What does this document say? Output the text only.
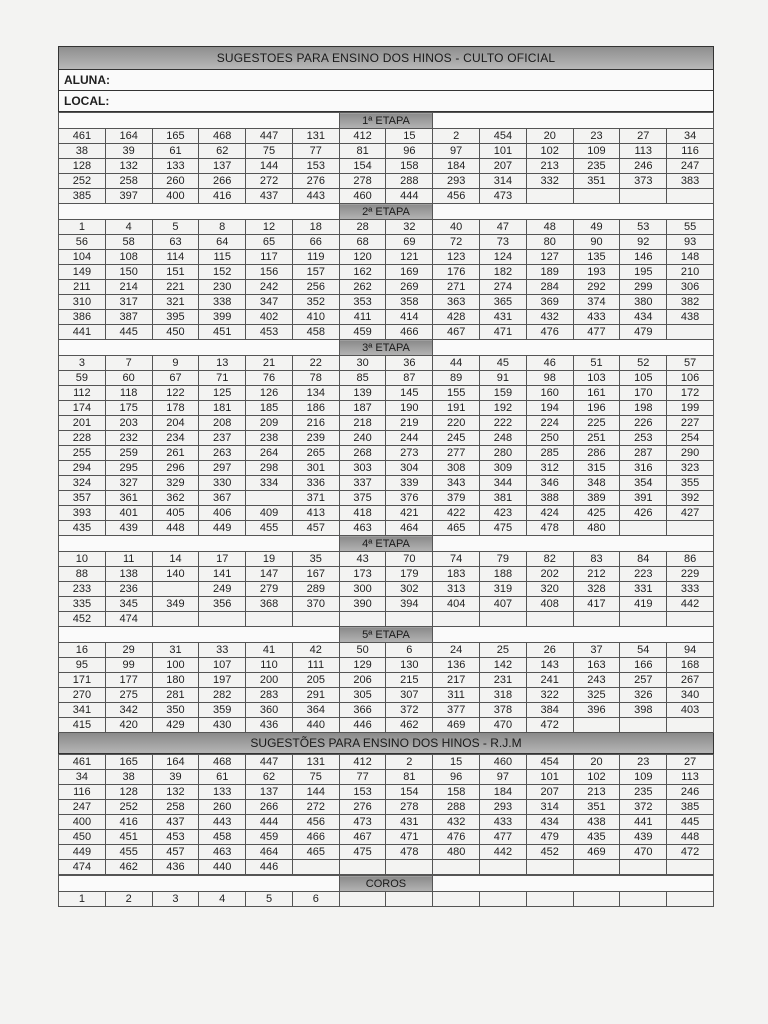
SUGESTOES PARA ENSINO DOS HINOS - CULTO OFICIAL
ALUNA:
LOCAL:
						1ª ETAPA							
461	164	165	468	447	131	412	15	2	454	20	23	27	34
38	39	61	62	75	77	81	96	97	101	102	109	113	116
128	132	133	137	144	153	154	158	184	207	213	235	246	247
252	258	260	266	272	276	278	288	293	314	332	351	373	383
385	397	400	416	437	443	460	444	456	473				
						2ª ETAPA							
1	4	5	8	12	18	28	32	40	47	48	49	53	55
56	58	63	64	65	66	68	69	72	73	80	90	92	93
104	108	114	115	117	119	120	121	123	124	127	135	146	148
149	150	151	152	156	157	162	169	176	182	189	193	195	210
211	214	221	230	242	256	262	269	271	274	284	292	299	306
310	317	321	338	347	352	353	358	363	365	369	374	380	382
386	387	395	399	402	410	411	414	428	431	432	433	434	438
441	445	450	451	453	458	459	466	467	471	476	477	479	
						3ª ETAPA							
3	7	9	13	21	22	30	36	44	45	46	51	52	57
59	60	67	71	76	78	85	87	89	91	98	103	105	106
112	118	122	125	126	134	139	145	155	159	160	161	170	172
174	175	178	181	185	186	187	190	191	192	194	196	198	199
201	203	204	208	209	216	218	219	220	222	224	225	226	227
228	232	234	237	238	239	240	244	245	248	250	251	253	254
255	259	261	263	264	265	268	273	277	280	285	286	287	290
294	295	296	297	298	301	303	304	308	309	312	315	316	323
324	327	329	330	334	336	337	339	343	344	346	348	354	355
357	361	362	367		371	375	376	379	381	388	389	391	392
393	401	405	406	409	413	418	421	422	423	424	425	426	427
435	439	448	449	455	457	463	464	465	475	478	480		
						4ª ETAPA							
10	11	14	17	19	35	43	70	74	79	82	83	84	86
88	138	140	141	147	167	173	179	183	188	202	212	223	229
233	236		249	279	289	300	302	313	319	320	328	331	333
335	345	349	356	368	370	390	394	404	407	408	417	419	442
452	474												
						5ª ETAPA							
16	29	31	33	41	42	50	6	24	25	26	37	54	94
95	99	100	107	110	111	129	130	136	142	143	163	166	168
171	177	180	197	200	205	206	215	217	231	241	243	257	267
270	275	281	282	283	291	305	307	311	318	322	325	326	340
341	342	350	359	360	364	366	372	377	378	384	396	398	403
415	420	429	430	436	440	446	462	469	470	472			
SUGESTÕES PARA ENSINO DOS HINOS - R.J.M
461	165	164	468	447	131	412	2	15	460	454	20	23	27
34	38	39	61	62	75	77	81	96	97	101	102	109	113
116	128	132	133	137	144	153	154	158	184	207	213	235	246
247	252	258	260	266	272	276	278	288	293	314	351	372	385
400	416	437	443	444	456	473	431	432	433	434	438	441	445
450	451	453	458	459	466	467	471	476	477	479	435	439	448
449	455	457	463	464	465	475	478	480	442	452	469	470	472
474	462	436	440	446									
						COROS							
1	2	3	4	5	6								
